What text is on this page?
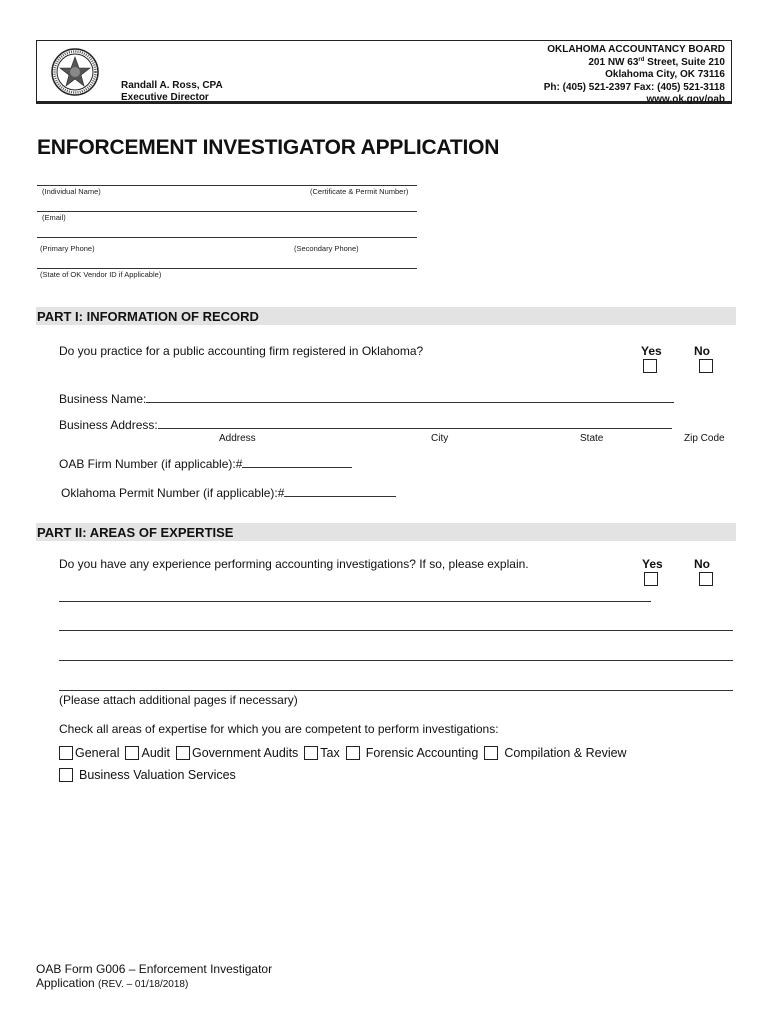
Randall A. Ross, CPA
Executive Director
OKLAHOMA ACCOUNTANCY BOARD
201 NW 63rd Street, Suite 210
Oklahoma City, OK 73116
Ph: (405) 521-2397 Fax: (405) 521-3118
www.ok.gov/oab
ENFORCEMENT INVESTIGATOR APPLICATION
(Individual Name)	(Certificate & Permit Number)
(Email)
(Primary Phone)	(Secondary Phone)
(State of OK Vendor ID if Applicable)
PART I: INFORMATION OF RECORD
Do you practice for a public accounting firm registered in Oklahoma?	Yes	No
Business Name:
Business Address:
Address	City	State	Zip Code
OAB Firm Number (if applicable):#
Oklahoma Permit Number (if applicable):#
PART II: AREAS OF EXPERTISE
Do you have any experience performing accounting investigations? If so, please explain.	Yes	No
(Please attach additional pages if necessary)
Check all areas of expertise for which you are competent to perform investigations:
General Audit Government Audits Tax Forensic Accounting Compilation & Review
Business Valuation Services
OAB Form G006 – Enforcement Investigator
Application (REV. – 01/18/2018)
